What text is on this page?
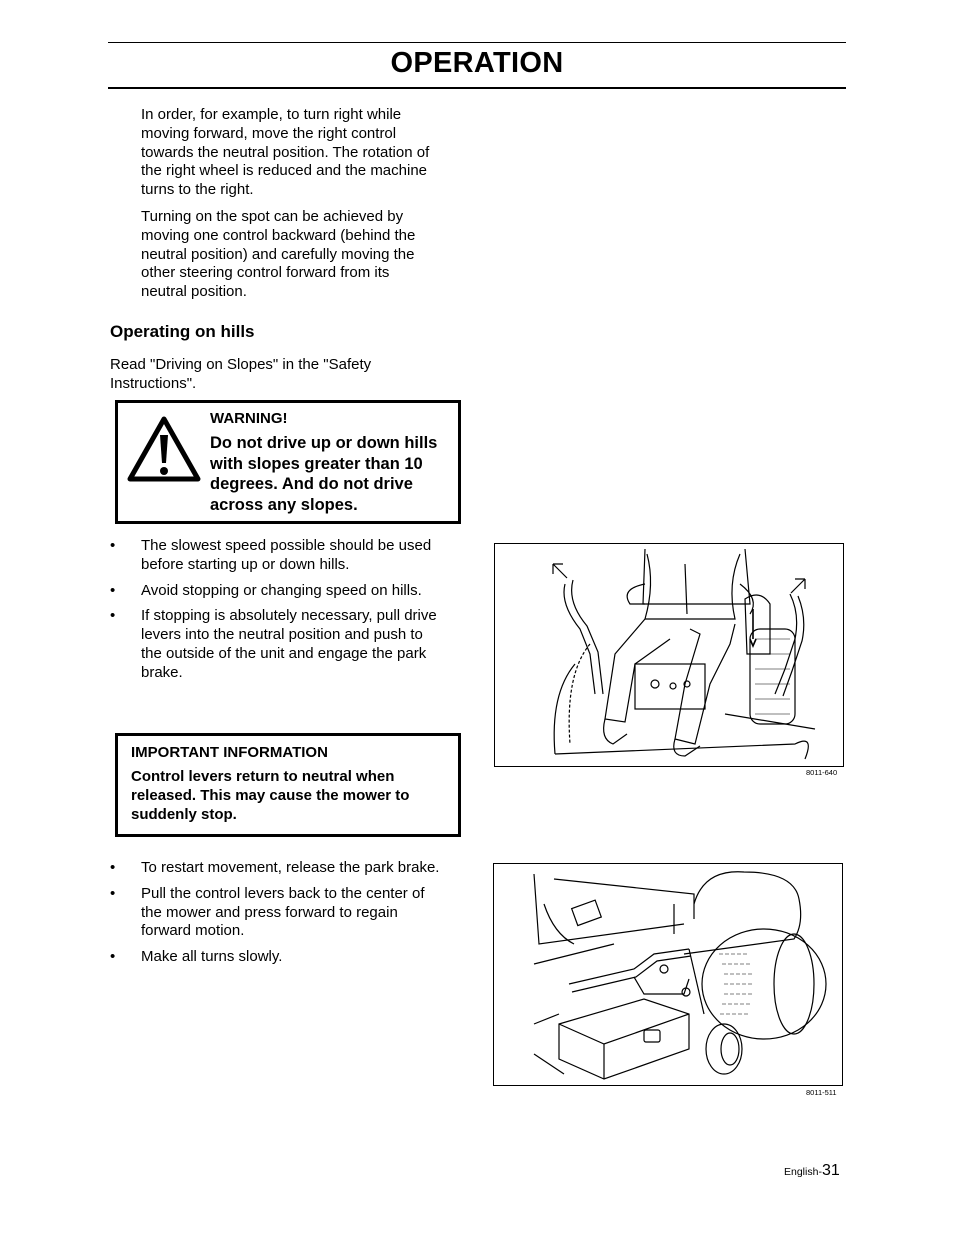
OPERATION

In order, for example, to turn right while moving forward, move the right control towards the neutral position. The rotation of the right wheel is reduced and the machine turns to the right.

Turning on the spot can be achieved by moving one control backward (behind the neutral position) and carefully moving the other steering control forward from its neutral position.

Operating on hills

Read "Driving on Slopes" in the "Safety Instructions".

WARNING!
Do not drive up or down hills with slopes greater than 10 degrees. And do not drive across any slopes.
• The slowest speed possible should be used before starting up or down hills.
• Avoid stopping or changing speed on hills.
• If stopping is absolutely necessary, pull drive levers into the neutral position and push to the outside of the unit and engage the park brake.
IMPORTANT INFORMATION
Control levers return to neutral when released. This may cause the mower to suddenly stop.
• To restart movement, release the park brake.
• Pull the control levers back to the center of the mower and press forward to regain forward motion.
• Make all turns slowly.
8011-640
8011-511
English-31
